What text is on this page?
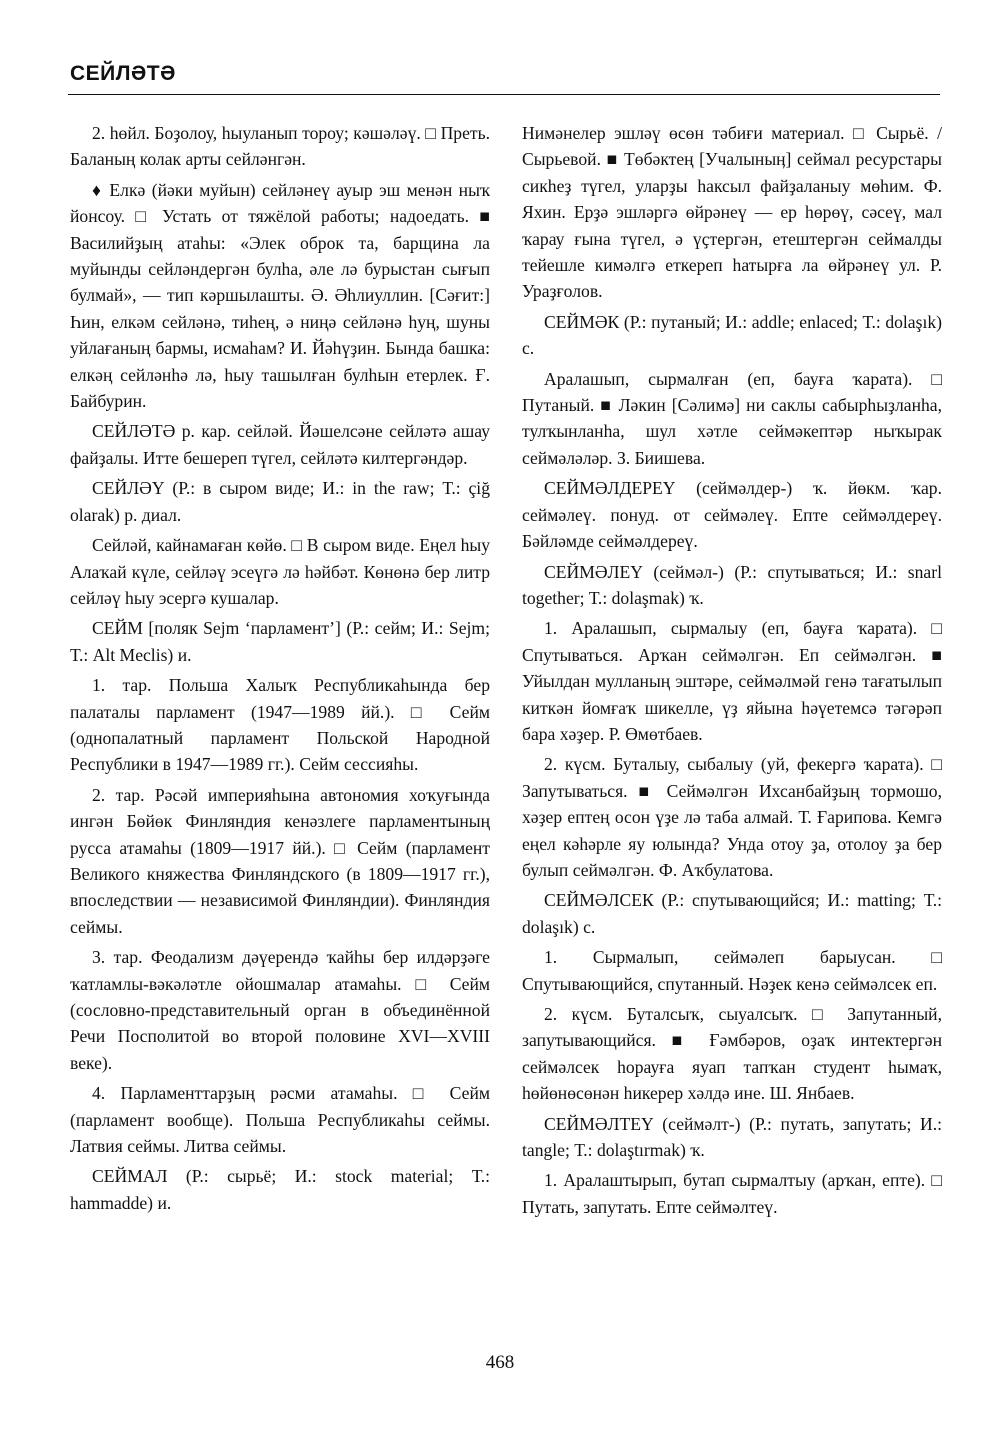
СЕЙЛӘТӘ

2. һөйл. Боҙолоу, һыуланып тороу; кәшәләү. □ Преть. Баланың колак арты сейләнгән.

♦ Елкә (йәки муйын) сейләнеү ауыр эш менән ныҡ йонсоу. □ Устать от тяжёлой работы; надоедать. ■ Василийҙың атаһы: «Элек оброк та, барщина ла муйынды сейләндергән булһа, әле лә бурыстан сығып булмай», — тип кәршылашты. Ә. Әһлиуллин. [Сәғит:] Һин, елкәм сейләнә, тиһең, ә ниңә сейләнә һуң, шуны уйлағаның бармы, исмаһам? И. Йәһүҙин. Бында башка: елкәң сейләнһә лә, һыу ташылған булһын етерлек. Ғ. Байбурин.

СЕЙЛӘТӘ р. кар. сейләй. Йәшелсәне сейләтә ашау файҙалы. Итте бешереп түгел, сейләтә килтергәндәр.

СЕЙЛӘҮ (Р.: в сыром виде; И.: in the raw; Т.: çiğ olarak) р. диал.

Сейләй, кайнамаған көйө. □ В сыром виде. Еңел һыу Алаҡай күле, сейләү эсеүгә лә һәйбәт. Көнөнә бер литр сейләү һыу эсергә кушалар.

СЕЙМ [поляк Sejm ‘парламент’] (Р.: сейм; И.: Sejm; Т.: Alt Meclis) и.

1. тар. Польша Халыҡ Республикаһында бер палаталы парламент (1947—1989 йй.). □ Сейм (однопалатный парламент Польской Народной Республики в 1947—1989 гг.). Сейм сессияһы.

2. тар. Рәсәй империяһына автономия хоҡуғында ингән Бөйөк Финляндия кенәзлеге парламентының русса атамаһы (1809—1917 йй.). □ Сейм (парламент Великого княжества Финляндского (в 1809—1917 гг.), впоследствии — независимой Финляндии). Финляндия сеймы.

3. тар. Феодализм дәүерендә ҡайһы бер илдәрҙәге ҡатламлы-вәкәләтле ойошмалар атамаһы. □ Сейм (сословно-представительный орган в объединённой Речи Посполитой во второй половине XVI—XVIII веке).

4. Парламенттарҙың рәсми атамаһы. □ Сейм (парламент вообще). Польша Республикаһы сеймы. Латвия сеймы. Литва сеймы.

СЕЙМАЛ (Р.: сырьё; И.: stock material; Т.: hammadde) и.

Нимәнелер эшләү өсөн тәбиғи материал. □ Сырьё. / Сырьевой. ■ Төбәктең [Учалыныӊ] сеймал ресурстары сикһеҙ түгел, уларҙы һаксыл файҙаланыу мөһим. Ф. Яхин. Ерҙә эшләргә өйрәнеү — ер һөрөү, сәсеү, мал ҡарау ғына түгел, ә үҫтергән, етештергән сеймалды тейешле кимәлгә еткереп һатырға ла өйрәнеү ул. Р. Ураҙғолов.

СЕЙМӘК (Р.: путаный; И.: addle; enlaced; Т.: dolaşık) с.

Аралашып, сырмалған (еп, бауға ҡарата). □ Путаный. ■ Ләкин [Сәлимә] ни саклы сабырһыҙланһа, тулҡынланһа, шул хәтле сеймәкептәр ныҡырак сеймәләләр. З. Биишева.

СЕЙМӘЛДЕРЕҮ (сеймәлдер-) ҡ. йөкм. ҡар. сеймәлеү. понуд. от сеймәлеү. Епте сеймәлдереү. Бәйләмде сеймәлдереү.

СЕЙМӘЛЕҮ (сеймәл-) (Р.: спутываться; И.: snarl together; Т.: dolaşmak) ҡ.

1. Аралашып, сырмалыу (еп, бауға ҡарата). □ Спутываться. Арҡан сеймәлгән. Еп сеймәлгән. ■ Уйылдан мулланың эштәре, сеймәлмәй генә тағатылып киткән йомғаҡ шикелле, үҙ яйына һәүетемсә тәгәрәп бара хәҙер. Р. Өмөтбаев.

2. күсм. Буталыу, сыбалыу (уй, фекергә ҡарата). □ Запутываться. ■ Сеймәлгән Ихсанбайҙың тормошо, хәҙер ептең осон үҙе лә таба алмай. Т. Ғарипова. Кемгә еңел кәһәрле яу юлында? Унда отоу ҙа, отолоу ҙа бер булып сеймәлгән. Ф. Аҡбулатова.

СЕЙМӘЛСЕК (Р.: спутывающийся; И.: matting; Т.: dolaşık) с.

1. Сырмалып, сеймәлеп барыусан. □ Спутывающийся, спутанный. Нәҙек кенә сеймәлсек еп.

2. күсм. Буталсыҡ, сыуалсыҡ. □ Запутанный, запутывающийся. ■ Ғәмбәров, оҙаҡ интектергән сеймәлсек һорауға яуап тапҡан студент һымаҡ, һөйөнөсөнән һикерер хәлдә ине. Ш. Янбаев.

СЕЙМӘЛТЕҮ (сеймәлт-) (Р.: путать, запутать; И.: tangle; Т.: dolaştırmak) ҡ.

1. Аралаштырып, бутап сырмалтыу (арҡан, епте). □ Путать, запутать. Епте сеймәлтеү.

468
